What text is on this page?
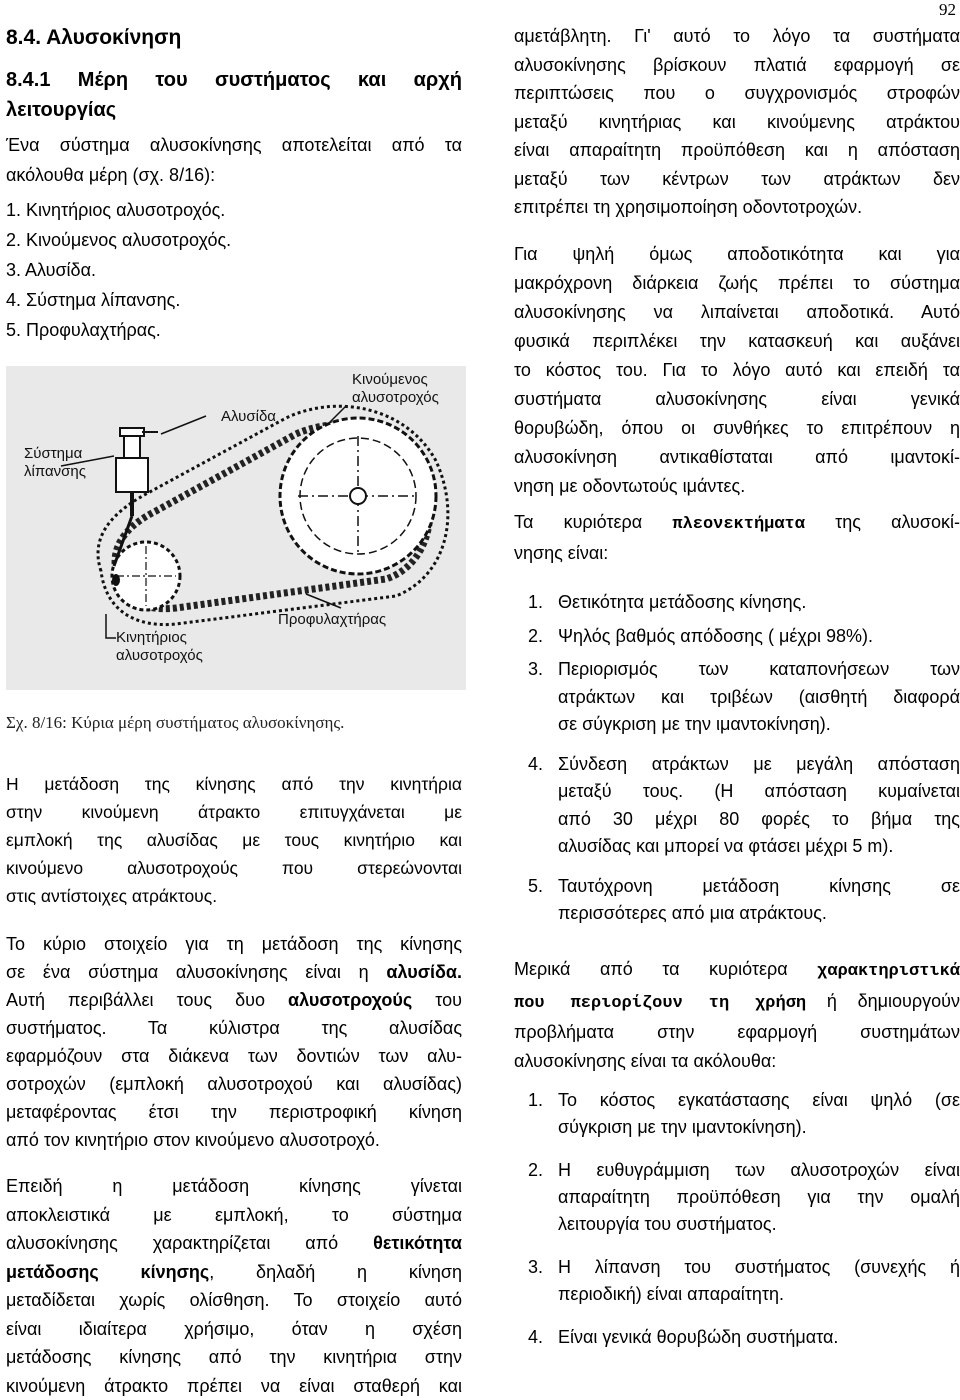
92
8.4. Αλυσοκίνηση
8.4.1 Μέρη του συστήματος και αρχή
λειτουργίας

Ένα σύστημα αλυσοκίνησης αποτελείται από τα

ακόλουθα μέρη (σχ. 8/16):

1. Κινητήριος αλυσοτροχός.
2. Κινούμενος αλυσοτροχός.
3. Αλυσίδα.
4. Σύστημα λίπανσης.
5. Προφυλαχτήρας.
Κινούμενος
αλυσοτροχός
Αλυσίδα
Σύστημα
λίπανσης
Προφυλαχτήρας
Κινητήριος
αλυσοτροχός
Σχ. 8/16: Κύρια μέρη συστήματος αλυσοκίνησης.

Η μετάδοση της κίνησης από την κινητήρια

στην κινούμενη άτρακτο επιτυγχάνεται με

εμπλοκή της αλυσίδας με τους κινητήριο και

κινούμενο αλυσοτροχούς που στερεώνονται

στις αντίστοιχες ατράκτους.

Το κύριο στοιχείο για τη μετάδοση της κίνησης

σε ένα σύστημα αλυσοκίνησης είναι η αλυσίδα.

Αυτή περιβάλλει τους δυο αλυσοτροχούς του

συστήματος. Τα κύλιστρα της αλυσίδας

εφαρμόζουν στα διάκενα των δοντιών των αλυ-

σοτροχών (εμπλοκή αλυσοτροχού και αλυσίδας)

μεταφέροντας έτσι την περιστροφική κίνηση

από τον κινητήριο στον κινούμενο αλυσοτροχό.

Επειδή η μετάδοση κίνησης γίνεται

αποκλειστικά με εμπλοκή, το σύστημα

αλυσοκίνησης χαρακτηρίζεται από θετικότητα

μετάδοσης κίνησης, δηλαδή η κίνηση

μεταδίδεται χωρίς ολίσθηση. Το στοιχείο αυτό

είναι ιδιαίτερα χρήσιμο, όταν η σχέση

μετάδοσης κίνησης από την κινητήρια στην

κινούμενη άτρακτο πρέπει να είναι σταθερή και

αμετάβλητη. Γι' αυτό το λόγο τα συστήματα

αλυσοκίνησης βρίσκουν πλατιά εφαρμογή σε

περιπτώσεις που ο συγχρονισμός στροφών

μεταξύ κινητήριας και κινούμενης ατράκτου

είναι απαραίτητη προϋπόθεση και η απόσταση

μεταξύ των κέντρων των ατράκτων δεν

επιτρέπει τη χρησιμοποίηση οδοντοτροχών.

Για ψηλή όμως αποδοτικότητα και για

μακρόχρονη διάρκεια ζωής πρέπει το σύστημα

αλυσοκίνησης να λιπαίνεται αποδοτικά. Αυτό

φυσικά περιπλέκει την κατασκευή και αυξάνει

το κόστος του. Για το λόγο αυτό και επειδή τα

συστήματα αλυσοκίνησης είναι γενικά

θορυβώδη, όπου οι συνθήκες το επιτρέπουν η

αλυσοκίνηση αντικαθίσταται από ιμαντοκί-

νηση με οδοντωτούς ιμάντες.

Τα κυριότερα πλεονεκτήματα της αλυσοκί-

νησης είναι:

1. Θετικότητα μετάδοσης κίνησης.
2. Ψηλός βαθμός απόδοσης ( μέχρι 98%).
3. Περιορισμός των καταπονήσεων των
ατράκτων και τριβέων (αισθητή διαφορά
σε σύγκριση με την ιμαντοκίνηση).
4. Σύνδεση ατράκτων με μεγάλη απόσταση
μεταξύ τους. (Η απόσταση κυμαίνεται
από 30 μέχρι 80 φορές το βήμα της
αλυσίδας και μπορεί να φτάσει μέχρι 5 m).
5. Ταυτόχρονη μετάδοση κίνησης σε
περισσότερες από μια ατράκτους.

Μερικά από τα κυριότερα χαρακτηριστικά

που περιορίζουν τη χρήση ή δημιουργούν

προβλήματα στην εφαρμογή συστημάτων

αλυσοκίνησης είναι τα ακόλουθα:

1. Το κόστος εγκατάστασης είναι ψηλό (σε
σύγκριση με την ιμαντοκίνηση).
2. Η ευθυγράμμιση των αλυσοτροχών είναι
απαραίτητη προϋπόθεση για την ομαλή
λειτουργία του συστήματος.
3. Η λίπανση του συστήματος (συνεχής ή
περιοδική) είναι απαραίτητη.
4. Είναι γενικά θορυβώδη συστήματα.
